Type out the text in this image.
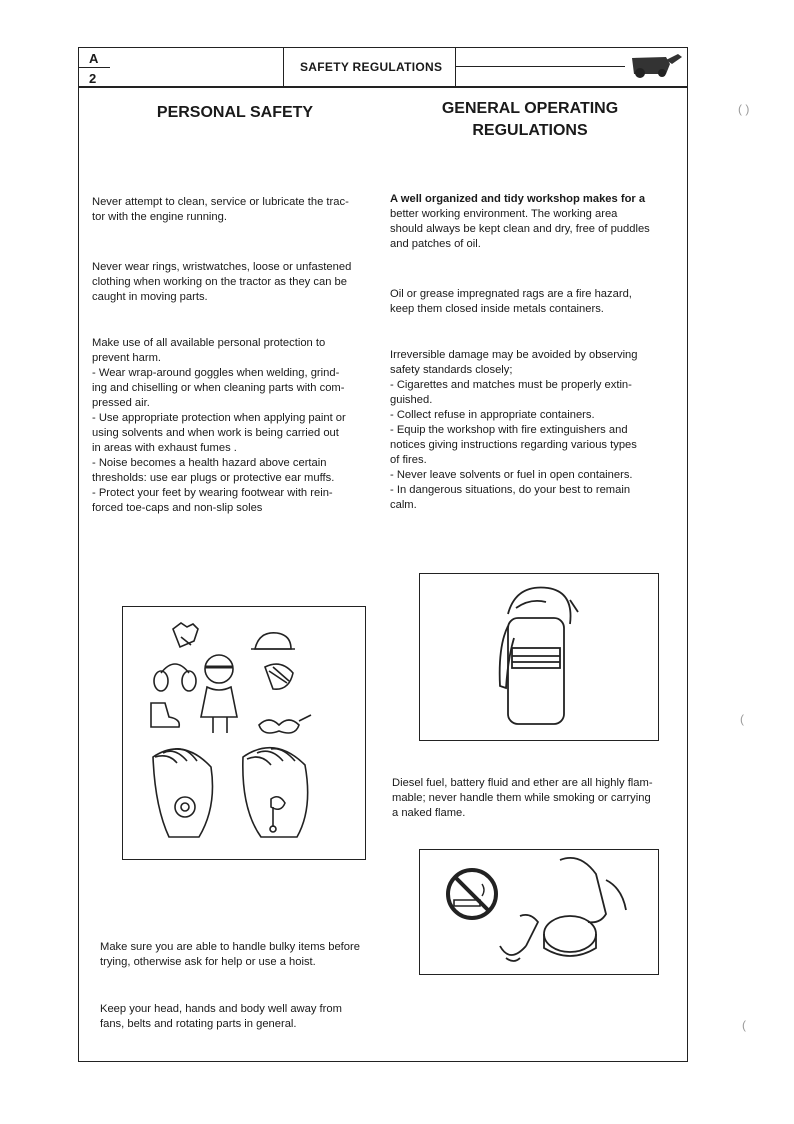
A
2
SAFETY REGULATIONS
PERSONAL SAFETY

Never attempt to clean, service or lubricate the trac-

tor with the engine running.

Never wear rings, wristwatches, loose or unfastened

clothing when working on the tractor as they can be

caught in moving parts.

Make use of all available personal protection to

prevent harm.

- Wear wrap-around goggles when welding, grind-

ing and chiselling or when cleaning parts with com-

pressed air.

- Use appropriate protection when applying paint or

using solvents and when work is being carried out

in areas with exhaust fumes .

- Noise becomes a health hazard above certain

thresholds: use ear plugs or protective ear muffs.

- Protect your feet by wearing footwear with rein-

forced toe-caps and non-slip soles

Make sure you are able to handle bulky items before

trying, otherwise ask for help or use a hoist.

Keep your head, hands and body well away from

fans, belts and rotating parts in general.

GENERAL OPERATING
REGULATIONS

A well organized and tidy workshop makes for a

better working environment. The working area

should always be kept clean and dry, free of puddles

and patches of oil.

Oil or grease impregnated rags are a fire hazard,

keep them closed inside metals containers.

Irreversible damage may be avoided by observing

safety standards closely;

- Cigarettes and matches must be properly extin-

guished.

- Collect refuse in appropriate containers.

- Equip the workshop with fire extinguishers and

notices giving instructions regarding various types

of fires.

- Never leave solvents or fuel in open containers.

- In dangerous situations, do your best to remain

calm.

Diesel fuel, battery fluid and ether are all highly flam-

mable; never handle them while smoking or carrying

a naked flame.

( )
(
(
